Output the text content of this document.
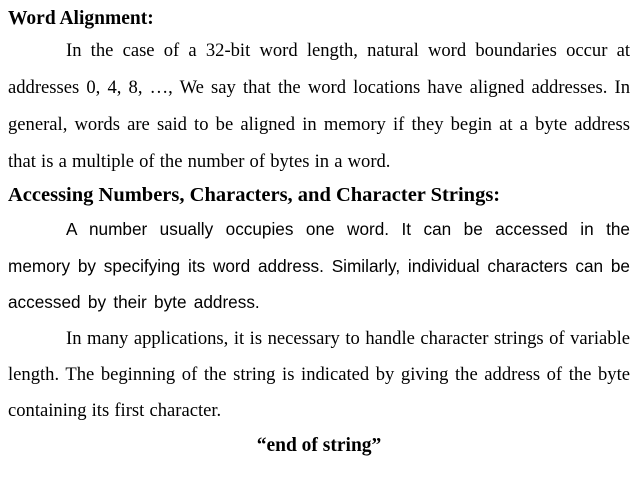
Word Alignment:

In the case of a 32-bit word length, natural word boundaries occur at addresses 0, 4, 8, …, We say that the word locations have aligned addresses. In general, words are said to be aligned in memory if they begin at a byte address that is a multiple of the number of bytes in a word.

Accessing Numbers, Characters, and Character Strings:

A number usually occupies one word. It can be accessed in the memory by specifying its word address. Similarly, individual characters can be accessed by their byte address.

In many applications, it is necessary to handle character strings of variable length. The beginning of the string is indicated by giving the address of the byte containing its first character.

“end of string”
